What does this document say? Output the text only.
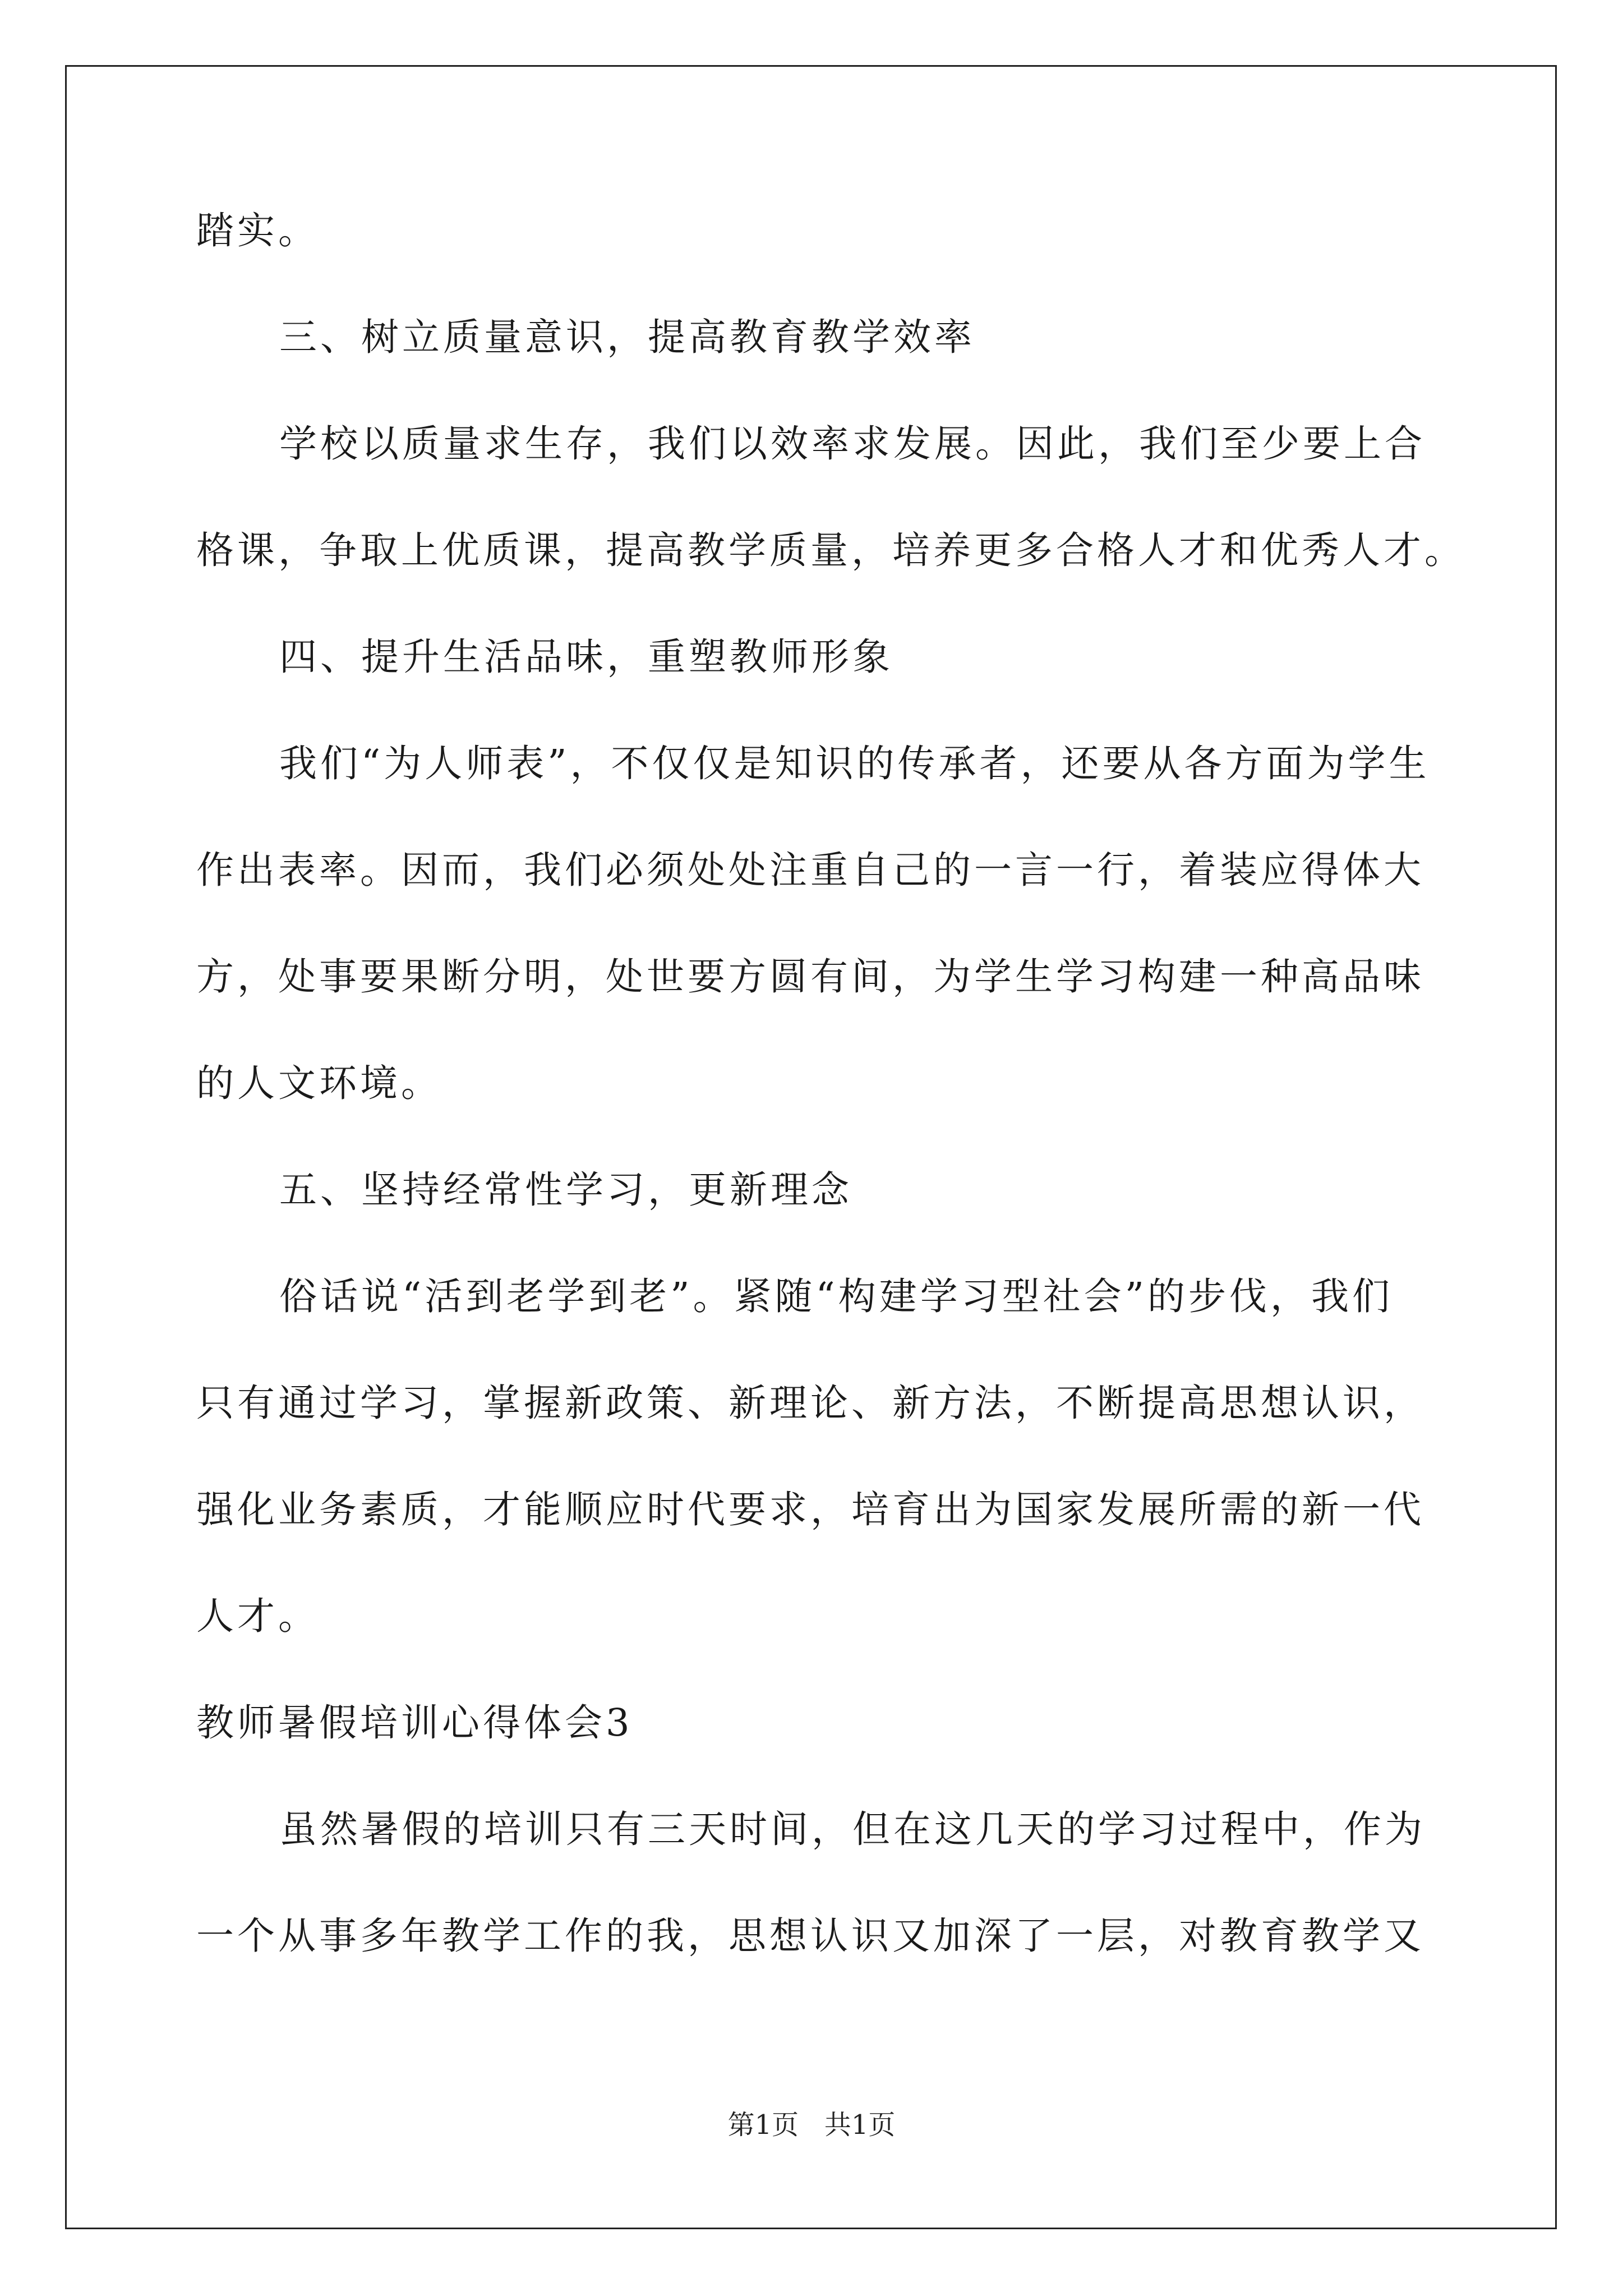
踏实。

三、树立质量意识，提高教育教学效率

学校以质量求生存，我们以效率求发展。因此，我们至少要上合

格课，争取上优质课，提高教学质量，培养更多合格人才和优秀人才。

四、提升生活品味，重塑教师形象

我们“为人师表”，不仅仅是知识的传承者，还要从各方面为学生

作出表率。因而，我们必须处处注重自己的一言一行，着装应得体大

方，处事要果断分明，处世要方圆有间，为学生学习构建一种高品味

的人文环境。

五、坚持经常性学习，更新理念

俗话说“活到老学到老”。紧随“构建学习型社会”的步伐，我们

只有通过学习，掌握新政策、新理论、新方法，不断提高思想认识，

强化业务素质，才能顺应时代要求，培育出为国家发展所需的新一代

人才。

教师暑假培训心得体会3

虽然暑假的培训只有三天时间，但在这几天的学习过程中，作为

一个从事多年教学工作的我，思想认识又加深了一层，对教育教学又

第1页   共1页
